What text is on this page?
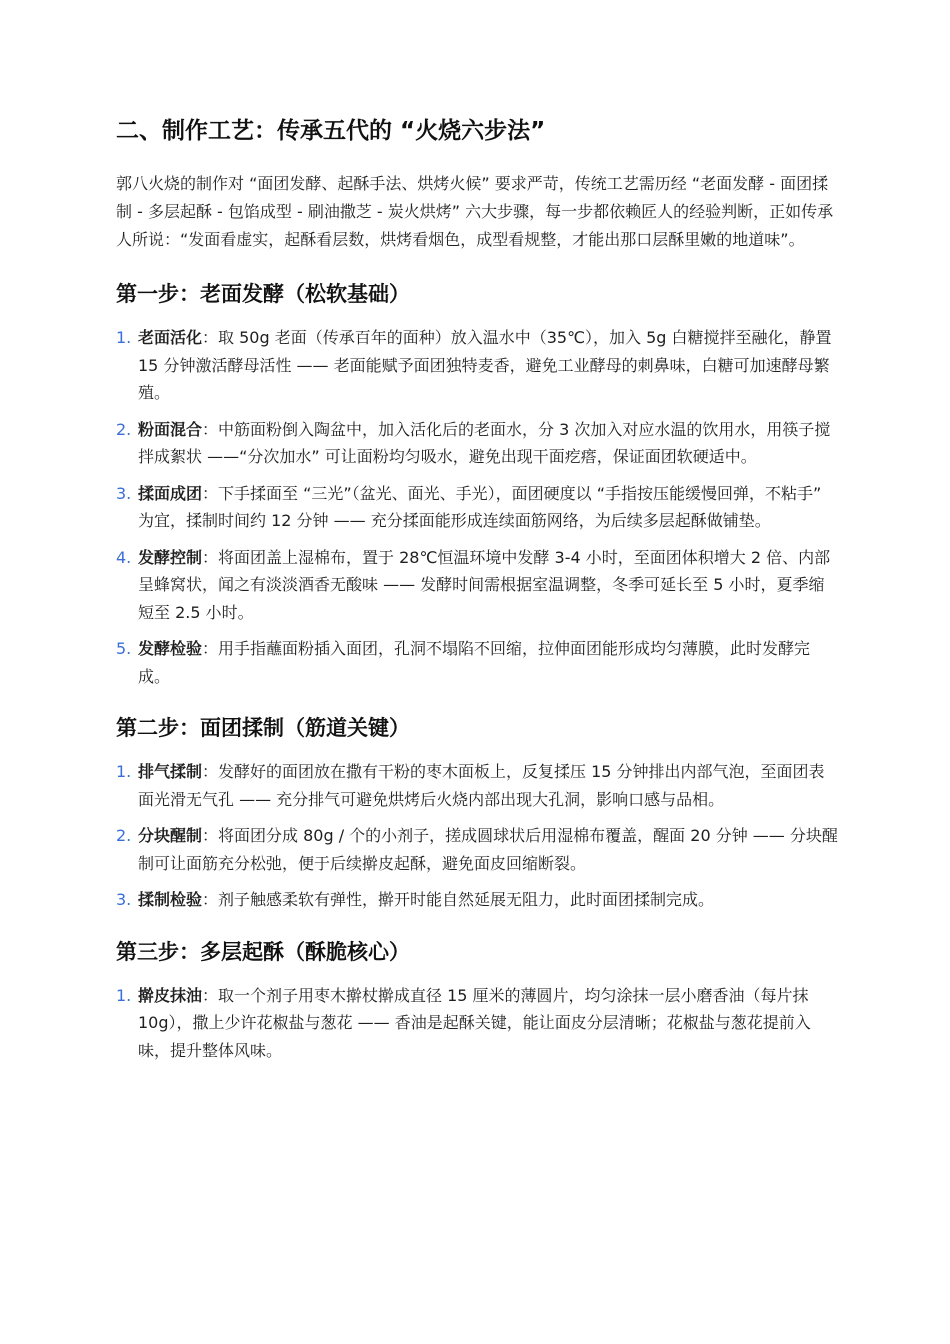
二、制作工艺：传承五代的 “火烧六步法”

郭八火烧的制作对 “面团发酵、起酥手法、烘烤火候” 要求严苛，传统工艺需历经 “老面发酵 - 面团揉制 - 多层起酥 - 包馅成型 - 刷油撒芝 - 炭火烘烤” 六大步骤，每一步都依赖匠人的经验判断，正如传承人所说：“发面看虚实，起酥看层数，烘烤看烟色，成型看规整，才能出那口层酥里嫩的地道味”。

第一步：老面发酵（松软基础）
1. 老面活化：取 50g 老面（传承百年的面种）放入温水中（35℃），加入 5g 白糖搅拌至融化，静置 15 分钟激活酵母活性 —— 老面能赋予面团独特麦香，避免工业酵母的刺鼻味，白糖可加速酵母繁殖。
2. 粉面混合：中筋面粉倒入陶盆中，加入活化后的老面水，分 3 次加入对应水温的饮用水，用筷子搅拌成絮状 ——“分次加水” 可让面粉均匀吸水，避免出现干面疙瘩，保证面团软硬适中。
3. 揉面成团：下手揉面至 “三光”（盆光、面光、手光），面团硬度以 “手指按压能缓慢回弹，不粘手” 为宜，揉制时间约 12 分钟 —— 充分揉面能形成连续面筋网络，为后续多层起酥做铺垫。
4. 发酵控制：将面团盖上湿棉布，置于 28℃恒温环境中发酵 3-4 小时，至面团体积增大 2 倍、内部呈蜂窝状，闻之有淡淡酒香无酸味 —— 发酵时间需根据室温调整，冬季可延长至 5 小时，夏季缩短至 2.5 小时。
5. 发酵检验：用手指蘸面粉插入面团，孔洞不塌陷不回缩，拉伸面团能形成均匀薄膜，此时发酵完成。
第二步：面团揉制（筋道关键）
1. 排气揉制：发酵好的面团放在撒有干粉的枣木面板上，反复揉压 15 分钟排出内部气泡，至面团表面光滑无气孔 —— 充分排气可避免烘烤后火烧内部出现大孔洞，影响口感与品相。
2. 分块醒制：将面团分成 80g / 个的小剂子，搓成圆球状后用湿棉布覆盖，醒面 20 分钟 —— 分块醒制可让面筋充分松弛，便于后续擀皮起酥，避免面皮回缩断裂。
3. 揉制检验：剂子触感柔软有弹性，擀开时能自然延展无阻力，此时面团揉制完成。
第三步：多层起酥（酥脆核心）
1. 擀皮抹油：取一个剂子用枣木擀杖擀成直径 15 厘米的薄圆片，均匀涂抹一层小磨香油（每片抹 10g），撒上少许花椒盐与葱花 —— 香油是起酥关键，能让面皮分层清晰；花椒盐与葱花提前入味，提升整体风味。
